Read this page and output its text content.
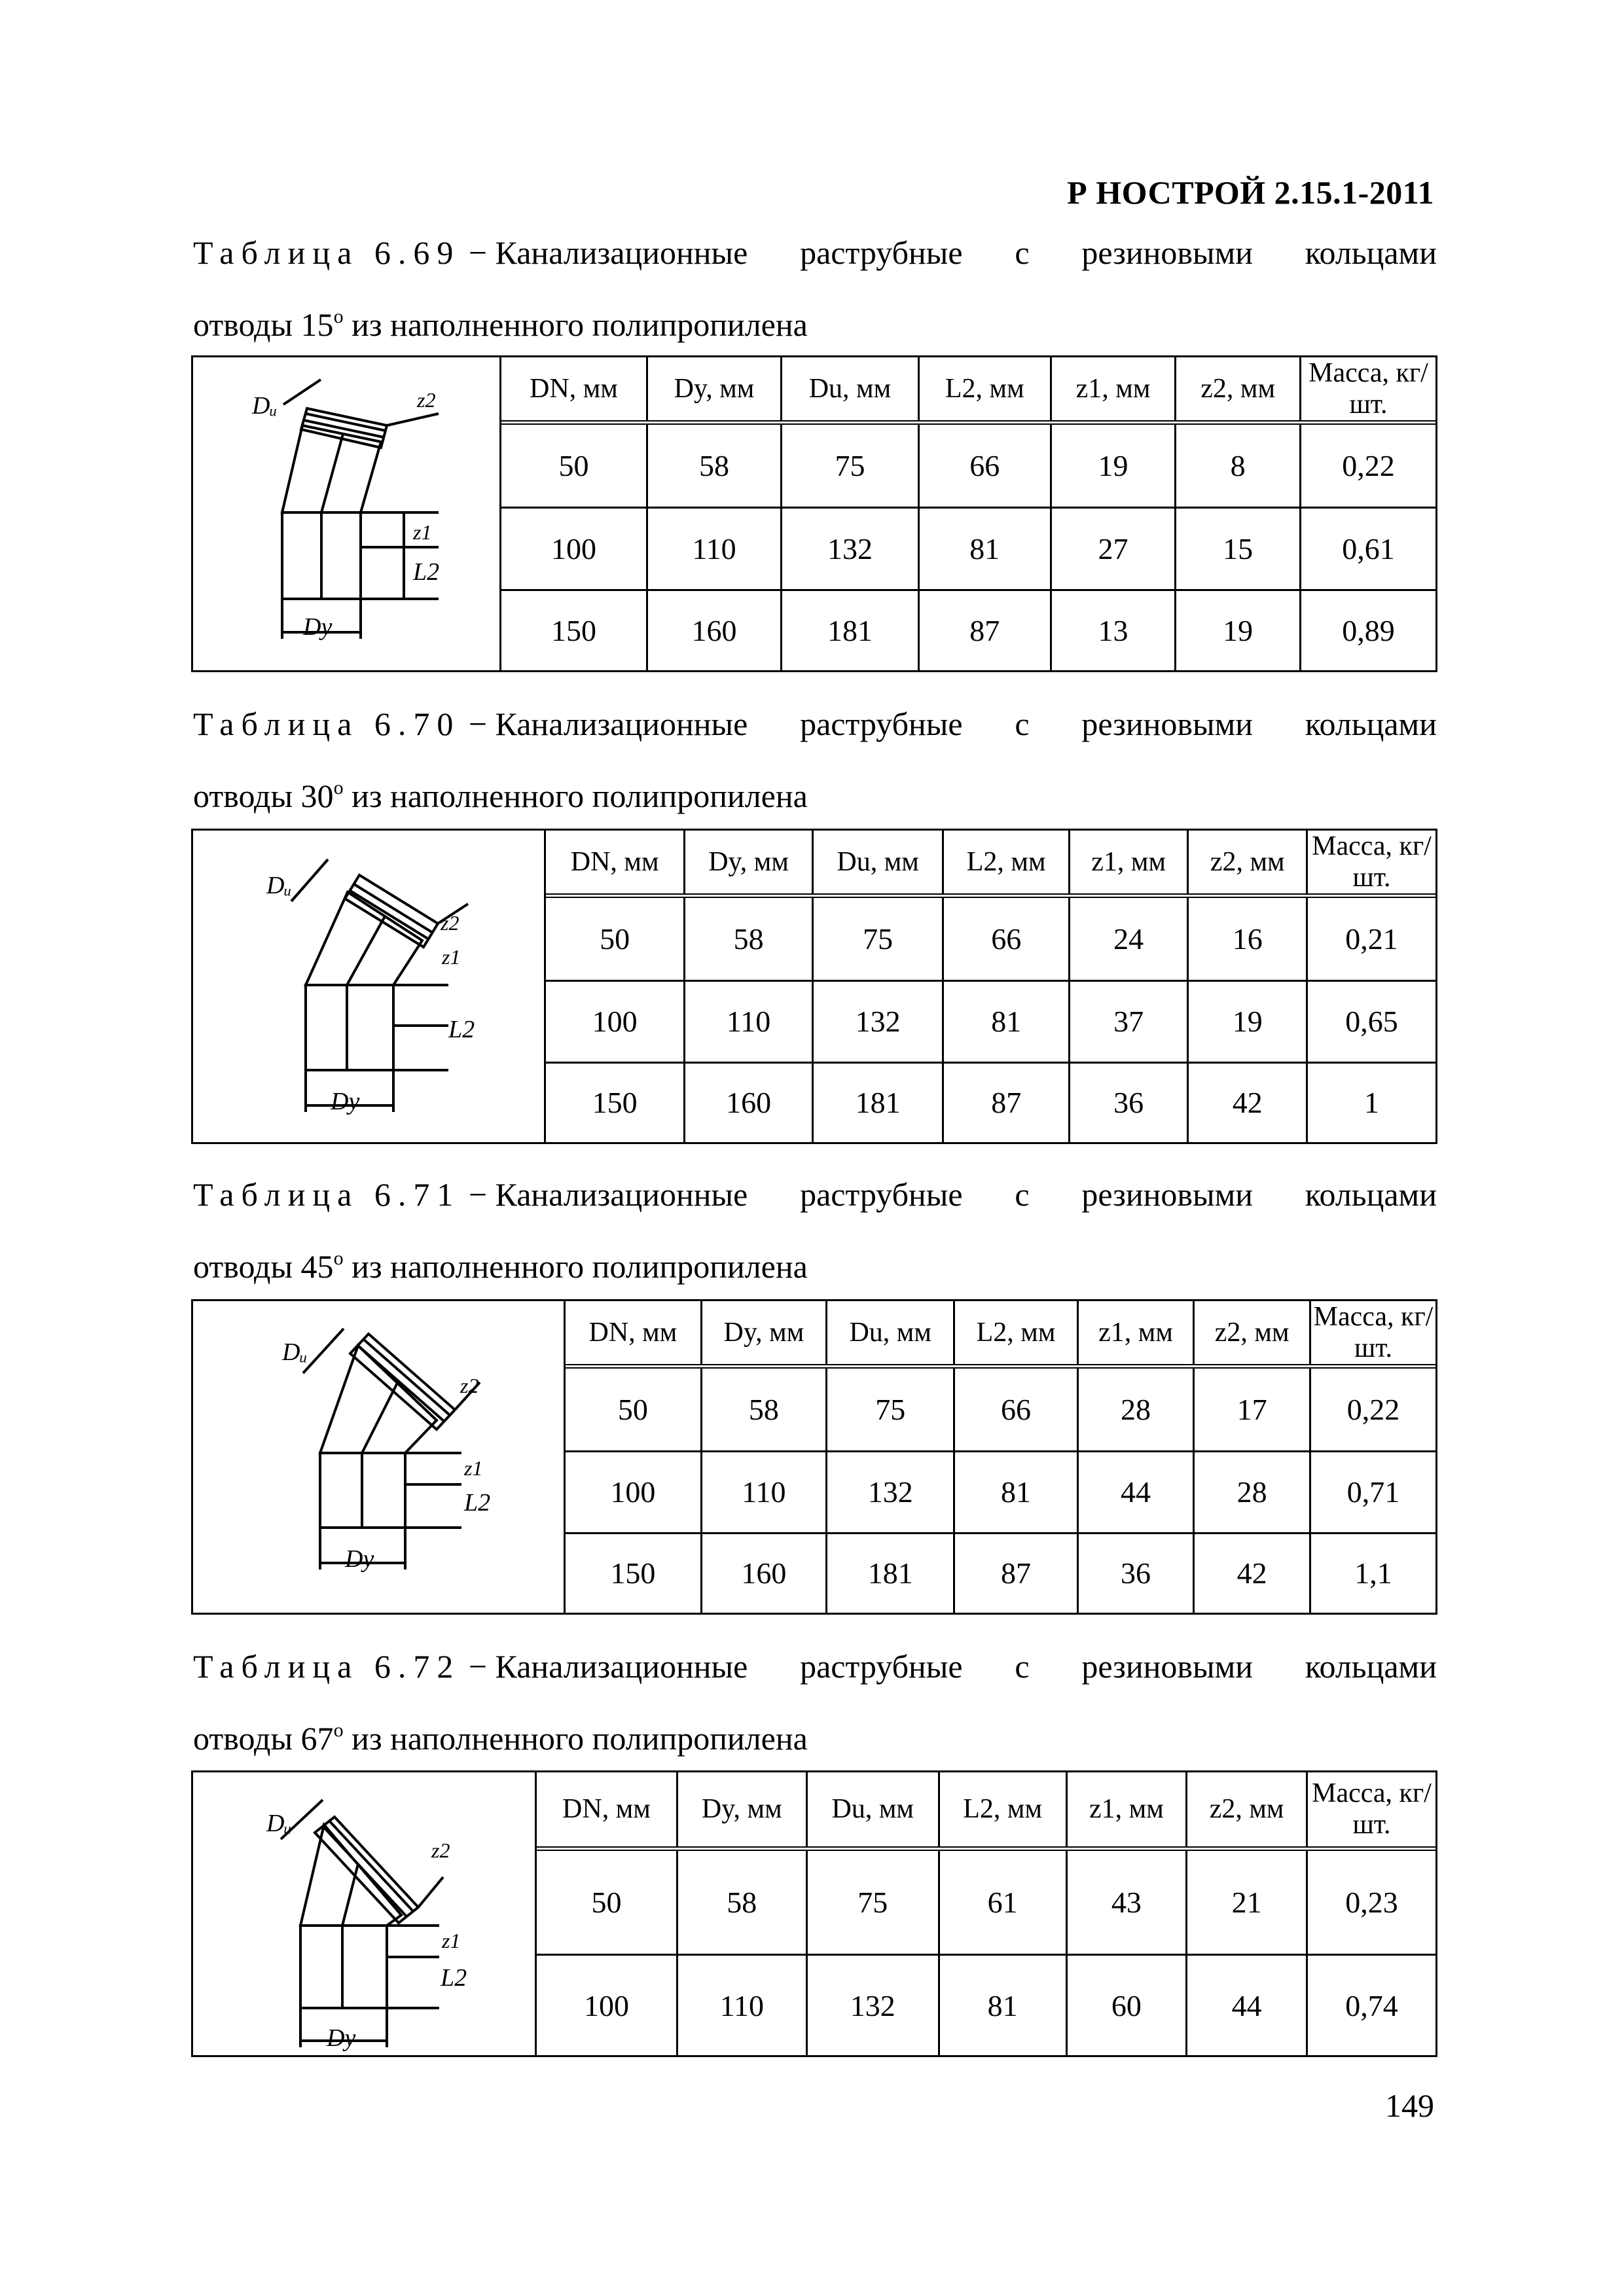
Р НОСТРОЙ 2.15.1-2011
Таблица 6.69 − Канализационные раструбные с резиновыми кольцами
отводы $15^о$ из наполненного полипропилена
Dᵤ	z2
z1
L2
Dy
DN, мм	Dy, мм	Du, мм	L2, мм	z1, мм	z2, мм	Масса, кг/шт.
50	58	75	66	19	8	0,22
100	110	132	81	27	15	0,61
150	160	181	87	13	19	0,89
Таблица 6.70 − Канализационные раструбные с резиновыми кольцами
отводы $30^о$ из наполненного полипропилена
Dᵤ
z2
z1
L2
Dy
DN, мм	Dy, мм	Du, мм	L2, мм	z1, мм	z2, мм	Масса, кг/шт.
50	58	75	66	24	16	0,21
100	110	132	81	37	19	0,65
150	160	181	87	36	42	1
Таблица 6.71 − Канализационные раструбные с резиновыми кольцами
отводы $45^о$ из наполненного полипропилена
Dᵤ
z2
z1
L2
Dy
DN, мм	Dy, мм	Du, мм	L2, мм	z1, мм	z2, мм	Масса, кг/шт.
50	58	75	66	28	17	0,22
100	110	132	81	44	28	0,71
150	160	181	87	36	42	1,1
Таблица 6.72 − Канализационные раструбные с резиновыми кольцами
отводы $67^о$ из наполненного полипропилена
Dᵤ
z2
z1
L2
Dy
DN, мм	Dy, мм	Du, мм	L2, мм	z1, мм	z2, мм	Масса, кг/шт.
50	58	75	61	43	21	0,23
100	110	132	81	60	44	0,74
149
